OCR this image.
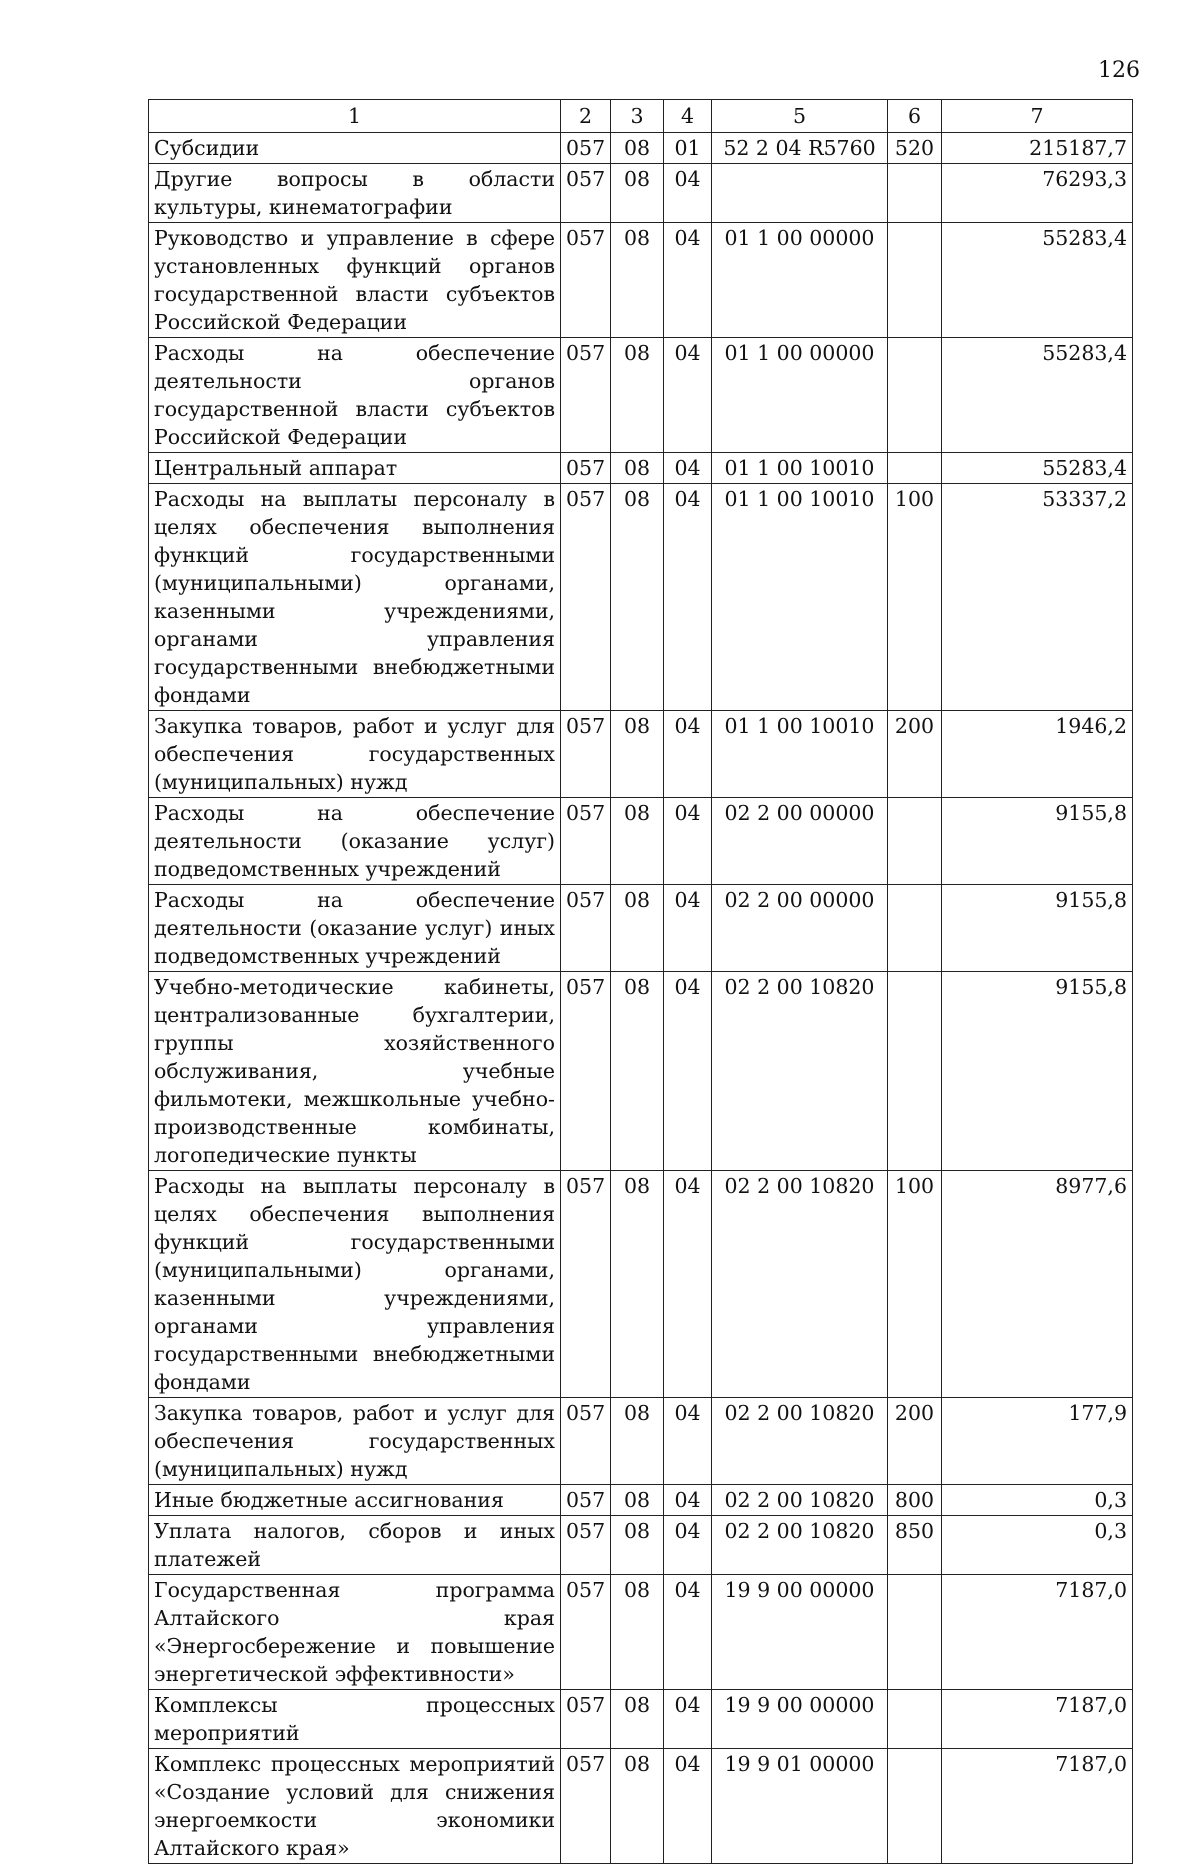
126
1	2	3	4	5	6	7
Субсидии	057	08	01	52 2 04 R5760	520	215187,7
Другие вопросы в области культуры, кинематографии	057	08	04			76293,3
Руководство и управление в сфере установленных функций органов государственной власти субъектов Российской Федерации	057	08	04	01 1 00 00000		55283,4
Расходы на обеспечение деятельности органов государственной власти субъектов Российской Федерации	057	08	04	01 1 00 00000		55283,4
Центральный аппарат	057	08	04	01 1 00 10010		55283,4
Расходы на выплаты персоналу в целях обеспечения выполнения функций государственными (муниципальными) органами, казенными учреждениями, органами управления государственными внебюджетными фондами	057	08	04	01 1 00 10010	100	53337,2
Закупка товаров, работ и услуг для обеспечения государственных (муниципальных) нужд	057	08	04	01 1 00 10010	200	1946,2
Расходы на обеспечение деятельности (оказание услуг) подведомственных учреждений	057	08	04	02 2 00 00000		9155,8
Расходы на обеспечение деятельности (оказание услуг) иных подведомственных учреждений	057	08	04	02 2 00 00000		9155,8
Учебно-методические кабинеты, централизованные бухгалтерии, группы хозяйственного обслуживания, учебные фильмотеки, межшкольные учебно-производственные комбинаты, логопедические пункты	057	08	04	02 2 00 10820		9155,8
Расходы на выплаты персоналу в целях обеспечения выполнения функций государственными (муниципальными) органами, казенными учреждениями, органами управления государственными внебюджетными фондами	057	08	04	02 2 00 10820	100	8977,6
Закупка товаров, работ и услуг для обеспечения государственных (муниципальных) нужд	057	08	04	02 2 00 10820	200	177,9
Иные бюджетные ассигнования	057	08	04	02 2 00 10820	800	0,3
Уплата налогов, сборов и иных платежей	057	08	04	02 2 00 10820	850	0,3
Государственная программа Алтайского края «Энергосбережение и повышение энергетической эффективности»	057	08	04	19 9 00 00000		7187,0
Комплексы процессных мероприятий	057	08	04	19 9 00 00000		7187,0
Комплекс процессных мероприятий «Создание условий для снижения энергоемкости экономики Алтайского края»	057	08	04	19 9 01 00000		7187,0
